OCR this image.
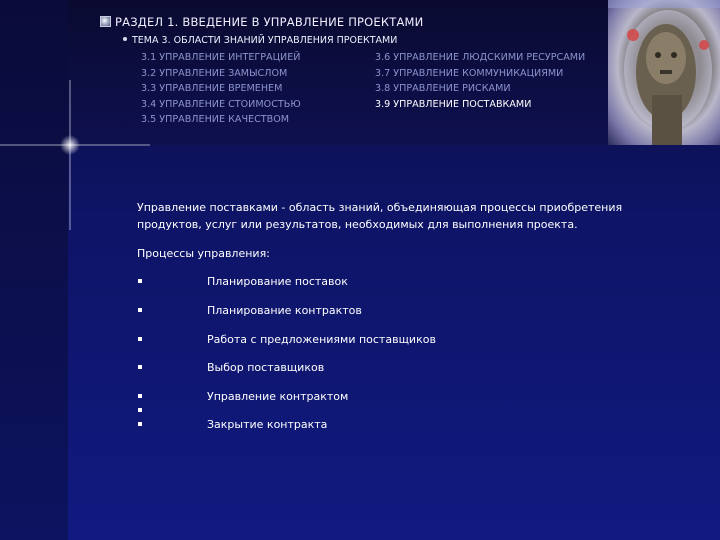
РАЗДЕЛ 1. ВВЕДЕНИЕ В УПРАВЛЕНИЕ ПРОЕКТАМИ
ТЕМА 3. ОБЛАСТИ ЗНАНИЙ УПРАВЛЕНИЯ ПРОЕКТАМИ
3.1 УПРАВЛЕНИЕ ИНТЕГРАЦИЕЙ
3.2 УПРАВЛЕНИЕ ЗАМЫСЛОМ
3.3 УПРАВЛЕНИЕ ВРЕМЕНЕМ
3.4 УПРАВЛЕНИЕ СТОИМОСТЬЮ
3.5 УПРАВЛЕНИЕ КАЧЕСТВОМ
3.6 УПРАВЛЕНИЕ ЛЮДСКИМИ РЕСУРСАМИ
3.7 УПРАВЛЕНИЕ КОММУНИКАЦИЯМИ
3.8 УПРАВЛЕНИЕ РИСКАМИ
3.9 УПРАВЛЕНИЕ ПОСТАВКАМИ

Управление поставками - область знаний, объединяющая процессы приобретения продуктов, услуг или результатов, необходимых для выполнения проекта.

Процессы управления:
Планирование поставок
Планирование контрактов
Работа с предложениями поставщиков
Выбор поставщиков
Управление контрактом
Закрытие контракта
